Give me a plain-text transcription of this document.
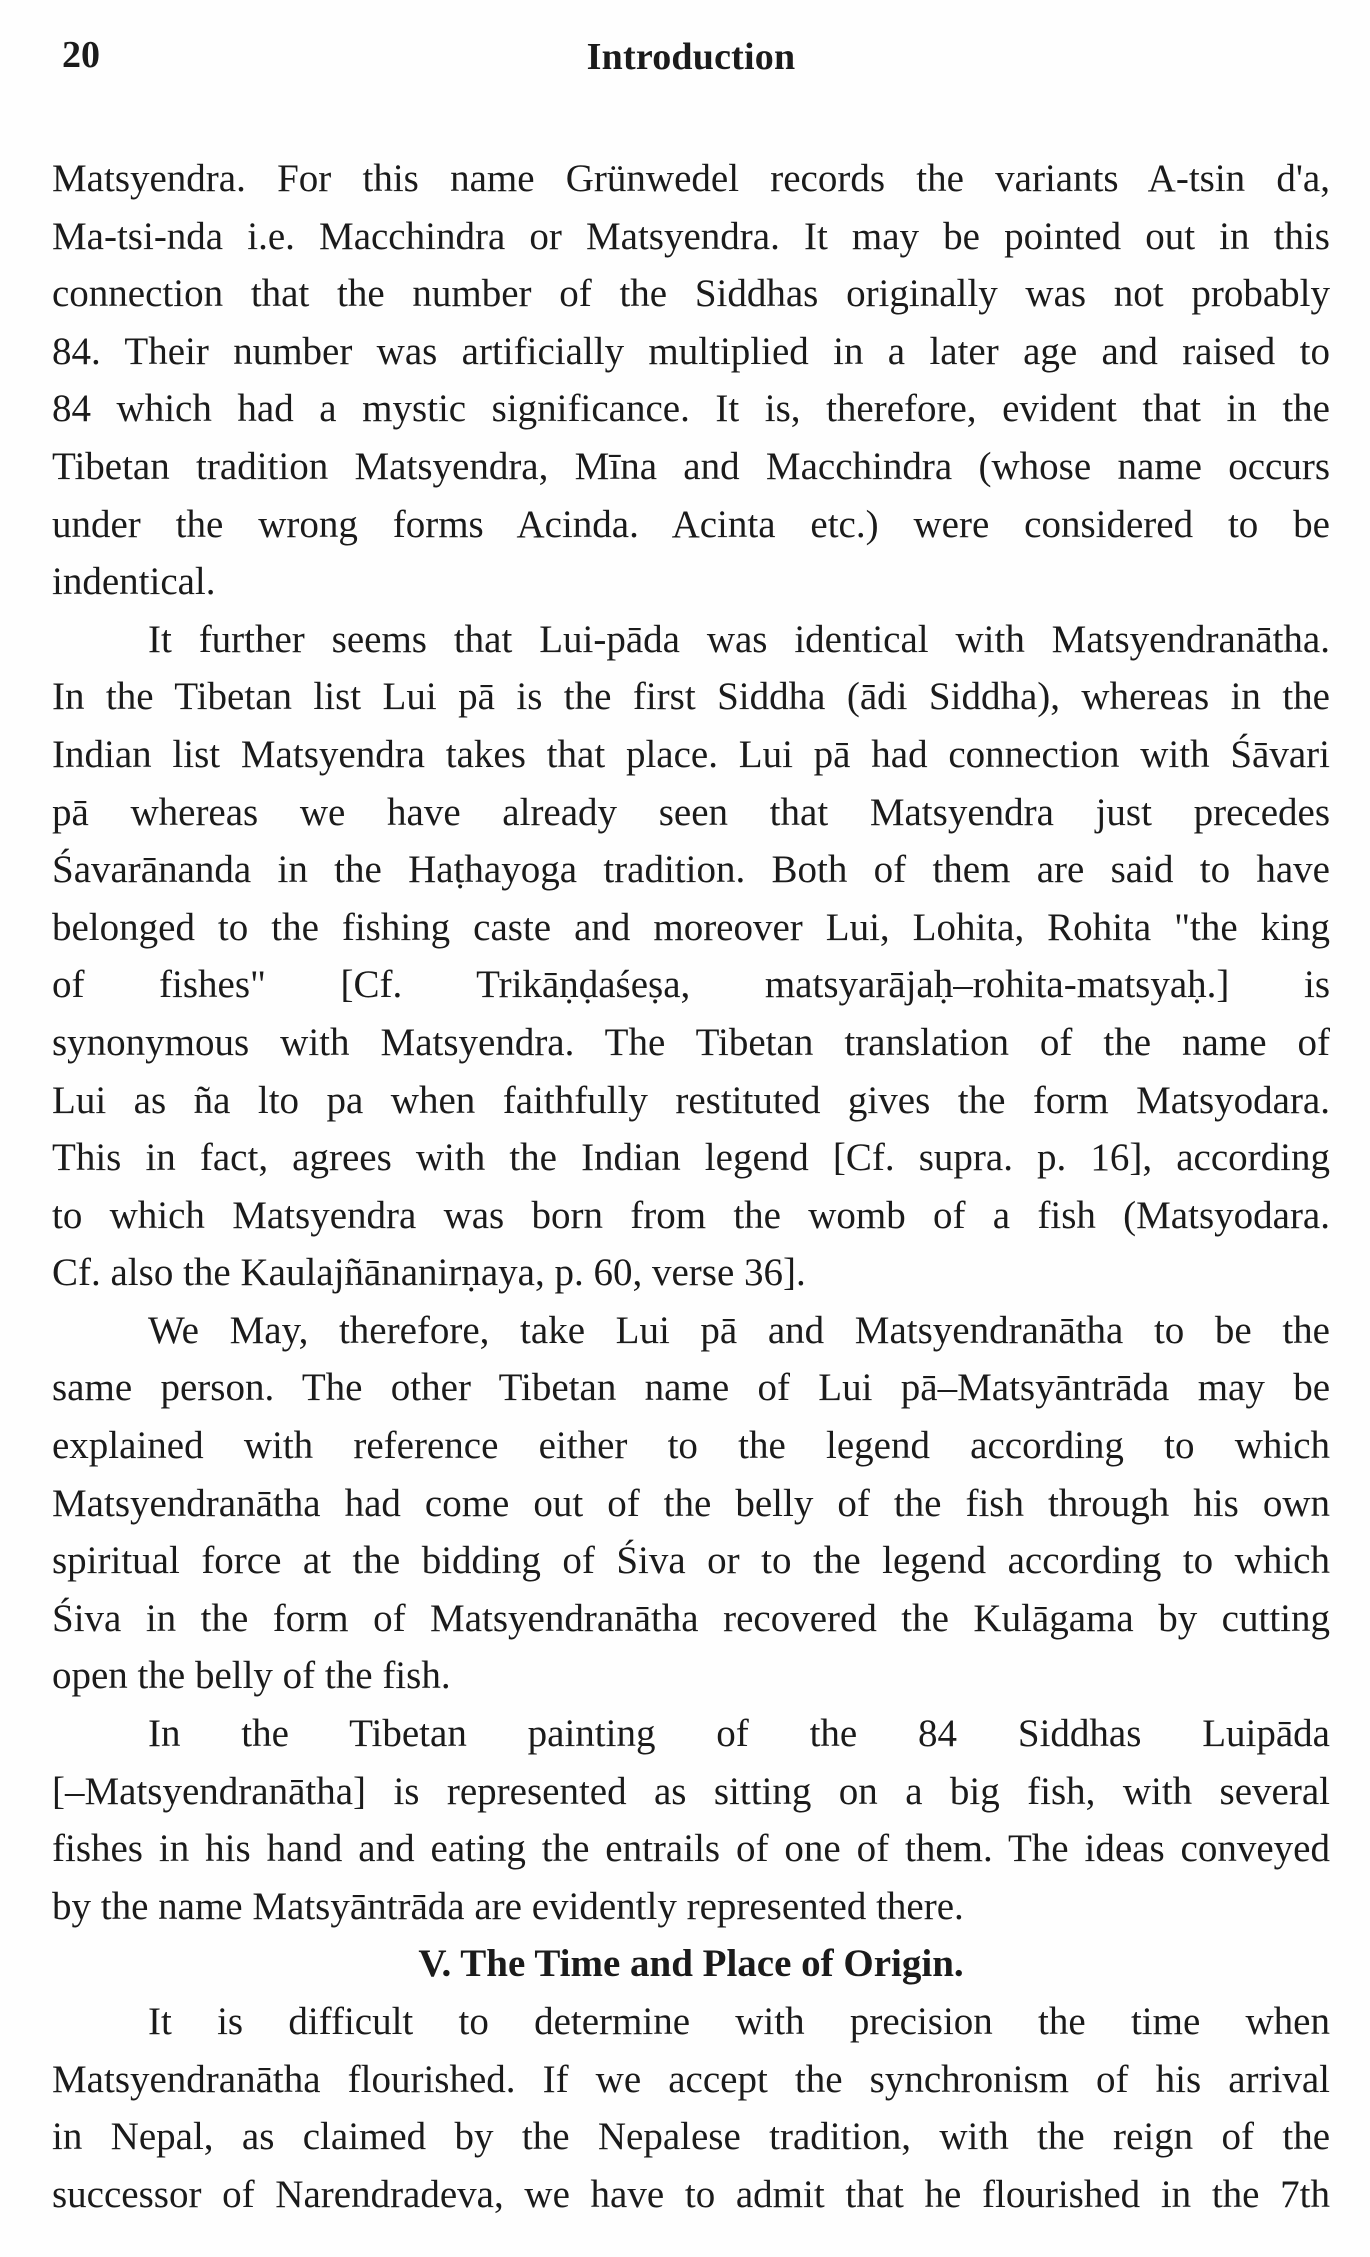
20	Introduction

Matsyendra. For this name Grünwedel records the variants A-tsin d'a,
Ma-tsi-nda i.e. Macchindra or Matsyendra. It may be pointed out in this
connection that the number of the Siddhas originally was not probably
84. Their number was artificially multiplied in a later age and raised to
84 which had a mystic significance. It is, therefore, evident that in the
Tibetan tradition Matsyendra, Mīna and Macchindra (whose name occurs
under the wrong forms Acinda. Acinta etc.) were considered to be
indentical.

It further seems that Lui-pāda was identical with Matsyendranātha.
In the Tibetan list Lui pā is the first Siddha (ādi Siddha), whereas in the
Indian list Matsyendra takes that place. Lui pā had connection with Śāvari
pā whereas we have already seen that Matsyendra just precedes
Śavarānanda in the Haṭhayoga tradition. Both of them are said to have
belonged to the fishing caste and moreover Lui, Lohita, Rohita "the king
of fishes" [Cf. Trikāṇḍaśeṣa, matsyarājaḥ–rohita-matsyaḥ.] is
synonymous with Matsyendra. The Tibetan translation of the name of
Lui as ña lto pa when faithfully restituted gives the form Matsyodara.
This in fact, agrees with the Indian legend [Cf. supra. p. 16], according
to which Matsyendra was born from the womb of a fish (Matsyodara.
Cf. also the Kaulajñānanirṇaya, p. 60, verse 36].

We May, therefore, take Lui pā and Matsyendranātha to be the
same person. The other Tibetan name of Lui pā–Matsyāntrāda may be
explained with reference either to the legend according to which
Matsyendranātha had come out of the belly of the fish through his own
spiritual force at the bidding of Śiva or to the legend according to which
Śiva in the form of Matsyendranātha recovered the Kulāgama by cutting
open the belly of the fish.

In the Tibetan painting of the 84 Siddhas Luipāda
[–Matsyendranātha] is represented as sitting on a big fish, with several
fishes in his hand and eating the entrails of one of them. The ideas conveyed
by the name Matsyāntrāda are evidently represented there.

V. The Time and Place of Origin.

It is difficult to determine with precision the time when
Matsyendranātha flourished. If we accept the synchronism of his arrival
in Nepal, as claimed by the Nepalese tradition, with the reign of the
successor of Narendradeva, we have to admit that he flourished in the 7th
